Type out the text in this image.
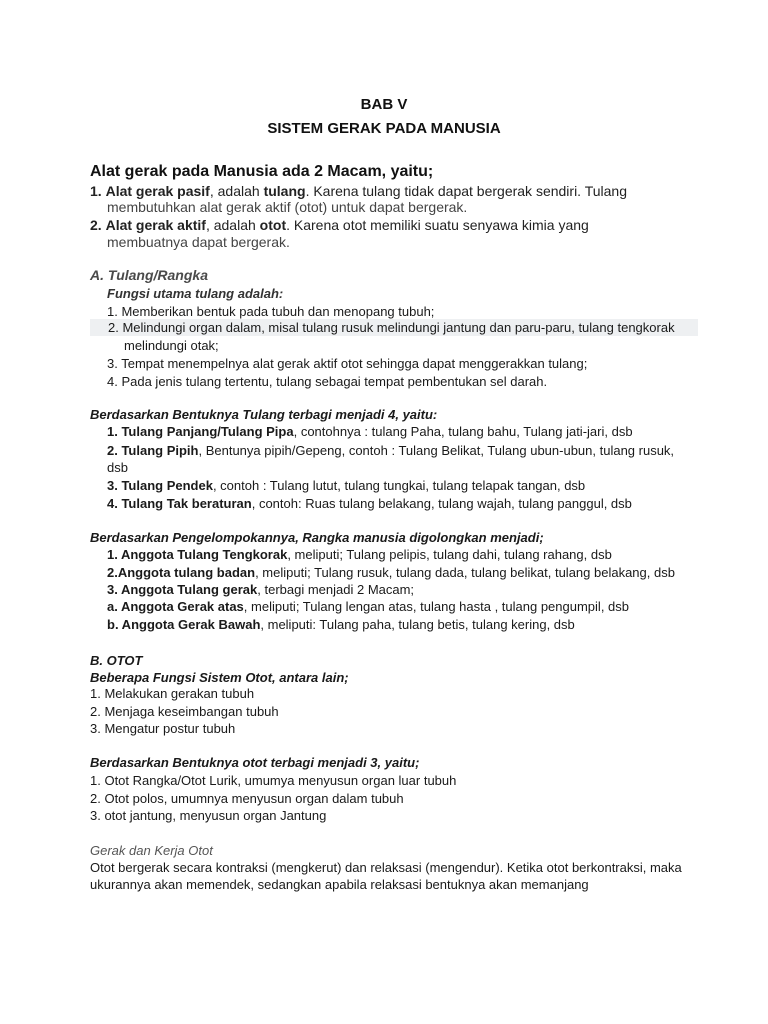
BAB V
SISTEM GERAK PADA MANUSIA
Alat gerak pada Manusia ada 2 Macam, yaitu;
1. Alat gerak pasif, adalah tulang. Karena tulang tidak dapat bergerak sendiri. Tulang
membutuhkan alat gerak aktif (otot) untuk dapat bergerak.
2. Alat gerak aktif, adalah otot. Karena otot memiliki suatu senyawa kimia yang
membuatnya dapat bergerak.
A. Tulang/Rangka
Fungsi utama tulang adalah:
1. Memberikan bentuk pada tubuh dan menopang tubuh;
2. Melindungi organ dalam, misal tulang rusuk melindungi jantung dan paru-paru, tulang tengkorak
melindungi otak;
3. Tempat menempelnya alat gerak aktif otot sehingga dapat menggerakkan tulang;
4. Pada jenis tulang tertentu, tulang sebagai tempat pembentukan sel darah.
Berdasarkan Bentuknya Tulang terbagi menjadi 4, yaitu:
1. Tulang Panjang/Tulang Pipa, contohnya : tulang Paha, tulang bahu, Tulang jati-jari, dsb
2. Tulang Pipih, Bentunya pipih/Gepeng, contoh : Tulang Belikat, Tulang ubun-ubun, tulang rusuk,
dsb
3. Tulang Pendek, contoh : Tulang lutut, tulang tungkai, tulang telapak tangan, dsb
4. Tulang Tak beraturan, contoh: Ruas tulang belakang, tulang wajah, tulang panggul, dsb
Berdasarkan Pengelompokannya, Rangka manusia digolongkan menjadi;
1. Anggota Tulang Tengkorak, meliputi; Tulang pelipis, tulang dahi, tulang rahang, dsb
2.Anggota tulang badan, meliputi; Tulang rusuk, tulang dada, tulang belikat, tulang belakang, dsb
3. Anggota Tulang gerak, terbagi menjadi 2 Macam;
a. Anggota Gerak atas, meliputi; Tulang lengan atas, tulang hasta , tulang pengumpil, dsb
b. Anggota Gerak Bawah, meliputi: Tulang paha, tulang betis, tulang kering, dsb
B. OTOT
Beberapa Fungsi Sistem Otot, antara lain;
1. Melakukan gerakan tubuh
2. Menjaga keseimbangan tubuh
3. Mengatur postur tubuh
Berdasarkan Bentuknya otot terbagi menjadi 3, yaitu;
1. Otot Rangka/Otot Lurik, umumya menyusun organ luar tubuh
2. Otot polos, umumnya menyusun organ dalam tubuh
3. otot jantung, menyusun organ Jantung
Gerak dan Kerja Otot
Otot bergerak secara kontraksi (mengkerut) dan relaksasi (mengendur). Ketika otot berkontraksi, maka
ukurannya akan memendek, sedangkan apabila relaksasi bentuknya akan memanjang
